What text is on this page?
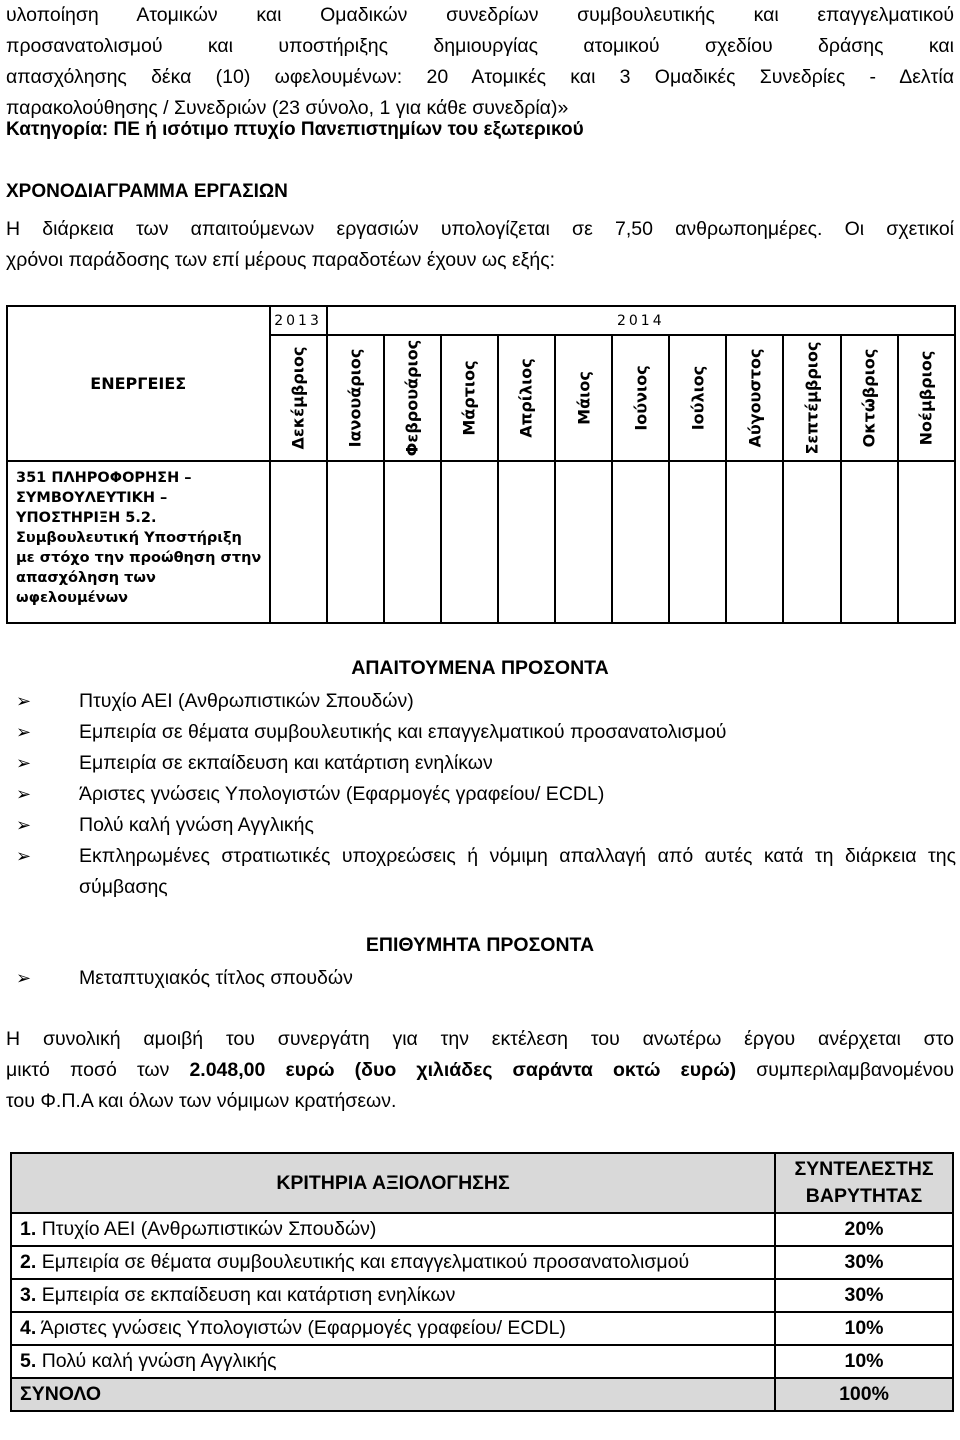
υλοποίηση Ατομικών και Ομαδικών συνεδρίων συμβουλευτικής και επαγγελματικού

προσανατολισμού και υποστήριξης δημιουργίας ατομικού σχεδίου δράσης και

απασχόλησης δέκα (10) ωφελουμένων: 20 Ατομικές και 3 Ομαδικές Συνεδρίες - Δελτία

παρακολούθησης / Συνεδριών (23 σύνολο, 1 για κάθε συνεδρία)»

Κατηγορία: ΠΕ ή ισότιμο πτυχίο Πανεπιστημίων του εξωτερικού
ΧΡΟΝΟΔΙΑΓΡΑΜΜΑ ΕΡΓΑΣΙΩΝ
Η διάρκεια των απαιτούμενων εργασιών υπολογίζεται σε 7,50 ανθρωποημέρες. Οι σχετικοί
χρόνοι παράδοσης των επί μέρους παραδοτέων έχουν ως εξής:
ΕΝΕΡΓΕΙΕΣ	2013	2014										

	Δεκέμβριος	Ιανουάριος	Φεβρουάριος	Μάρτιος	Απρίλιος	Μάιος	Ιούνιος	Ιούλιος	Αύγουστος	Σεπτέμβριος	Οκτώβριος	Νοέμβριος

351 ΠΛΗΡΟΦΟΡΗΣΗ – ΣΥΜΒΟΥΛΕΥΤΙΚΗ – ΥΠΟΣΤΗΡΙΞΗ 5.2. Συμβουλευτική Υποστήριξη με στόχο την προώθηση στην απασχόληση των ωφελουμένων												
ΑΠΑΙΤΟΥΜΕΝΑ ΠΡΟΣΟΝΤΑ
➢ Πτυχίο ΑΕΙ (Ανθρωπιστικών Σπουδών)
➢ Εμπειρία σε θέματα συμβουλευτικής και επαγγελματικού προσανατολισμού
➢ Εμπειρία σε εκπαίδευση και κατάρτιση ενηλίκων
➢ Άριστες γνώσεις Υπολογιστών (Εφαρμογές γραφείου/ ECDL)
➢ Πολύ καλή γνώση Αγγλικής
➢ Εκπληρωμένες στρατιωτικές υποχρεώσεις ή νόμιμη απαλλαγή από αυτές κατά τη διάρκεια της σύμβασης
ΕΠΙΘΥΜΗΤΑ ΠΡΟΣΟΝΤΑ
➢ Μεταπτυχιακός τίτλος σπουδών
Η συνολική αμοιβή του συνεργάτη για την εκτέλεση του ανωτέρω έργου ανέρχεται στο
μικτό ποσό των 2.048,00 ευρώ (δυο χιλιάδες σαράντα οκτώ ευρώ) συμπεριλαμβανομένου
του Φ.Π.Α και όλων των νόμιμων κρατήσεων.
ΚΡΙΤΗΡΙΑ ΑΞΙΟΛΟΓΗΣΗΣ	ΣΥΝΤΕΛΕΣΤΗΣ ΒΑΡΥΤΗΤΑΣ
1. Πτυχίο ΑΕΙ (Ανθρωπιστικών Σπουδών)	20%
2. Εμπειρία σε θέματα συμβουλευτικής και επαγγελματικού προσανατολισμού	30%
3. Εμπειρία σε εκπαίδευση και κατάρτιση ενηλίκων	30%
4. Άριστες γνώσεις Υπολογιστών (Εφαρμογές γραφείου/ ECDL)	10%
5. Πολύ καλή γνώση Αγγλικής	10%
ΣΥΝΟΛΟ	100%
